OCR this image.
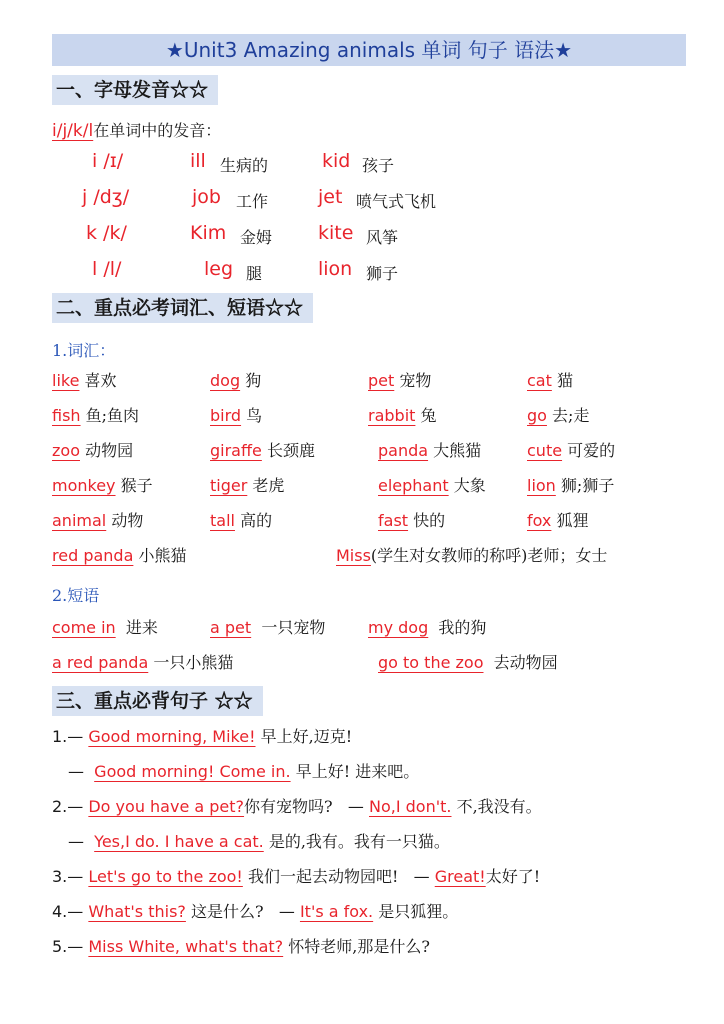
★Unit3 Amazing animals 单词 句子 语法★
一、字母发音☆☆
i/j/k/l在单词中的发音：
i /ɪ/	ill 生病的	kid 孩子
j /dʒ/	job 工作	jet 喷气式飞机
k /k/	Kim 金姆 kite 风筝
l /l/	leg 腿	lion 狮子
二、重点必考词汇、短语☆☆
1.词汇：
like 喜欢	dog 狗	pet 宠物	cat 猫
fish 鱼;鱼肉	bird 鸟	rabbit 兔	go 去;走
zoo 动物园	giraffe 长颈鹿	panda 大熊猫	cute 可爱的
monkey 猴子	tiger 老虎	elephant 大象	lion 狮;狮子
animal 动物	tall 高的	fast 快的	fox 狐狸
red panda 小熊猫	Miss(学生对女教师的称呼)老师；女士
2.短语
come in 进来	a pet 一只宠物	my dog 我的狗
a red panda 一只小熊猫	go to the zoo 去动物园
三、重点必背句子 ☆☆
1.— Good morning, Mike! 早上好,迈克!
— Good morning! Come in. 早上好! 进来吧。
2.— Do you have a pet?你有宠物吗? — No,I don't. 不,我没有。
— Yes,I do. I have a cat. 是的,我有。我有一只猫。
3.— Let's go to the zoo! 我们一起去动物园吧! — Great!太好了!
4.— What's this? 这是什么? — It's a fox. 是只狐狸。
5.— Miss White, what's that? 怀特老师,那是什么?
